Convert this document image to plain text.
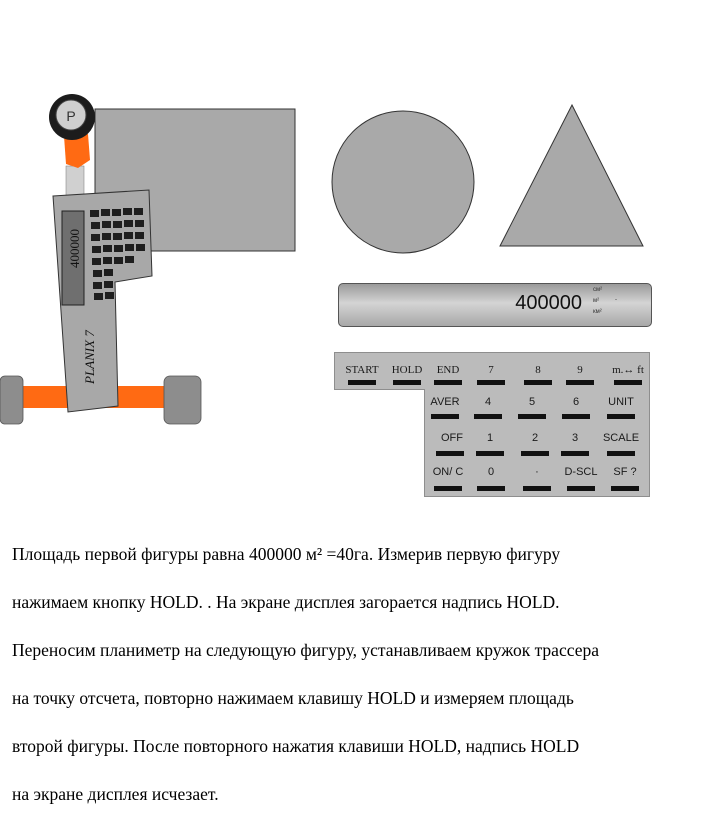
P
400000
PLANIX 7
400000
см²
м²	-
км²
START	HOLD	END	7	8	9	m.↔ ft
AVER	4	5	6	UNIT
OFF	1	2	3	SCALE
ON/ C	0	·	D-SCL	SF ?

Площадь первой фигуры равна 400000 м² =40га. Измерив первую фигуру

нажимаем кнопку HOLD. . На экране дисплея загорается надпись HOLD.

Переносим планиметр на следующую фигуру, устанавливаем кружок трассера

на точку отсчета, повторно нажимаем клавишу HOLD и измеряем площадь

второй фигуры. После повторного нажатия клавиши HOLD, надпись HOLD

на экране дисплея исчезает.
